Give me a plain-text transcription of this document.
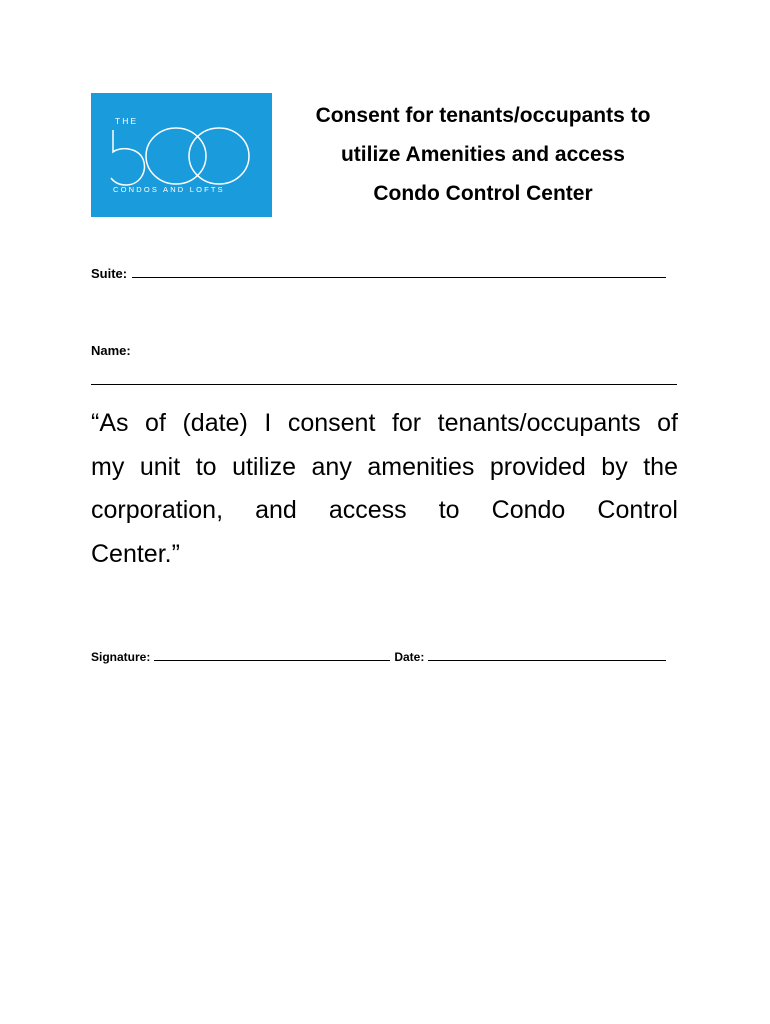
THE
CONDOS AND LOFTS
Consent for tenants/occupants to
utilize Amenities and access
Condo Control Center
Suite:
Name:
“As of (date) I consent for tenants/occupants of
my unit to utilize any amenities provided by the
corporation, and access to Condo Control
Center.”
Signature:	Date:
